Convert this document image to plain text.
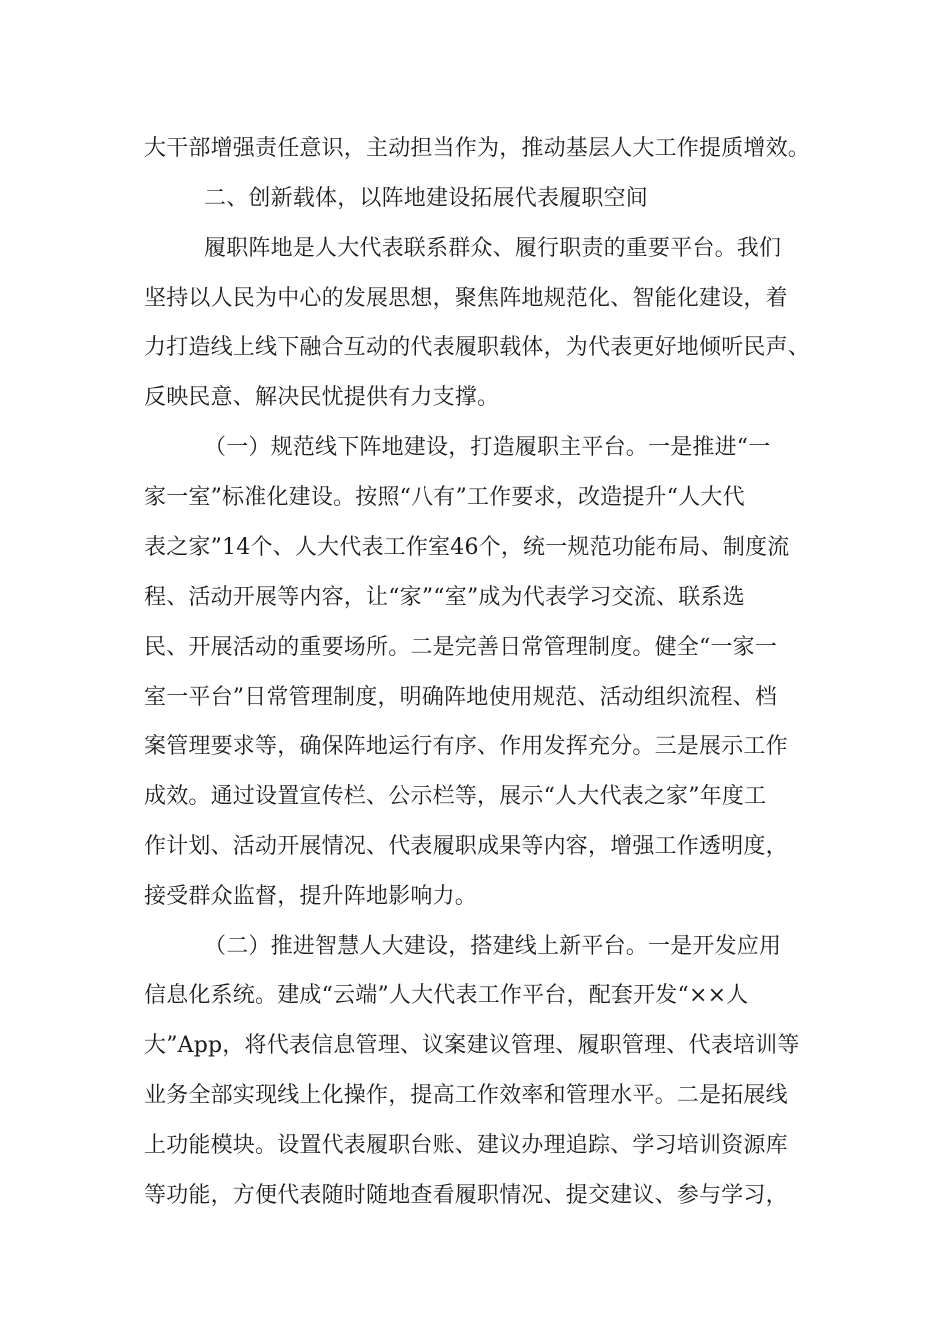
大干部增强责任意识，主动担当作为，推动基层人大工作提质增效。
二、创新载体，以阵地建设拓展代表履职空间
履职阵地是人大代表联系群众、履行职责的重要平台。我们
坚持以人民为中心的发展思想，聚焦阵地规范化、智能化建设，着
力打造线上线下融合互动的代表履职载体，为代表更好地倾听民声、
反映民意、解决民忧提供有力支撑。
（一）规范线下阵地建设，打造履职主平台。一是推进“一
家一室”标准化建设。按照“八有”工作要求，改造提升“人大代
表之家”14个、人大代表工作室46个，统一规范功能布局、制度流
程、活动开展等内容，让“家”“室”成为代表学习交流、联系选
民、开展活动的重要场所。二是完善日常管理制度。健全“一家一
室一平台”日常管理制度，明确阵地使用规范、活动组织流程、档
案管理要求等，确保阵地运行有序、作用发挥充分。三是展示工作
成效。通过设置宣传栏、公示栏等，展示“人大代表之家”年度工
作计划、活动开展情况、代表履职成果等内容，增强工作透明度，
接受群众监督，提升阵地影响力。
（二）推进智慧人大建设，搭建线上新平台。一是开发应用
信息化系统。建成“云端”人大代表工作平台，配套开发“××人
大”App，将代表信息管理、议案建议管理、履职管理、代表培训等
业务全部实现线上化操作，提高工作效率和管理水平。二是拓展线
上功能模块。设置代表履职台账、建议办理追踪、学习培训资源库
等功能，方便代表随时随地查看履职情况、提交建议、参与学习，
